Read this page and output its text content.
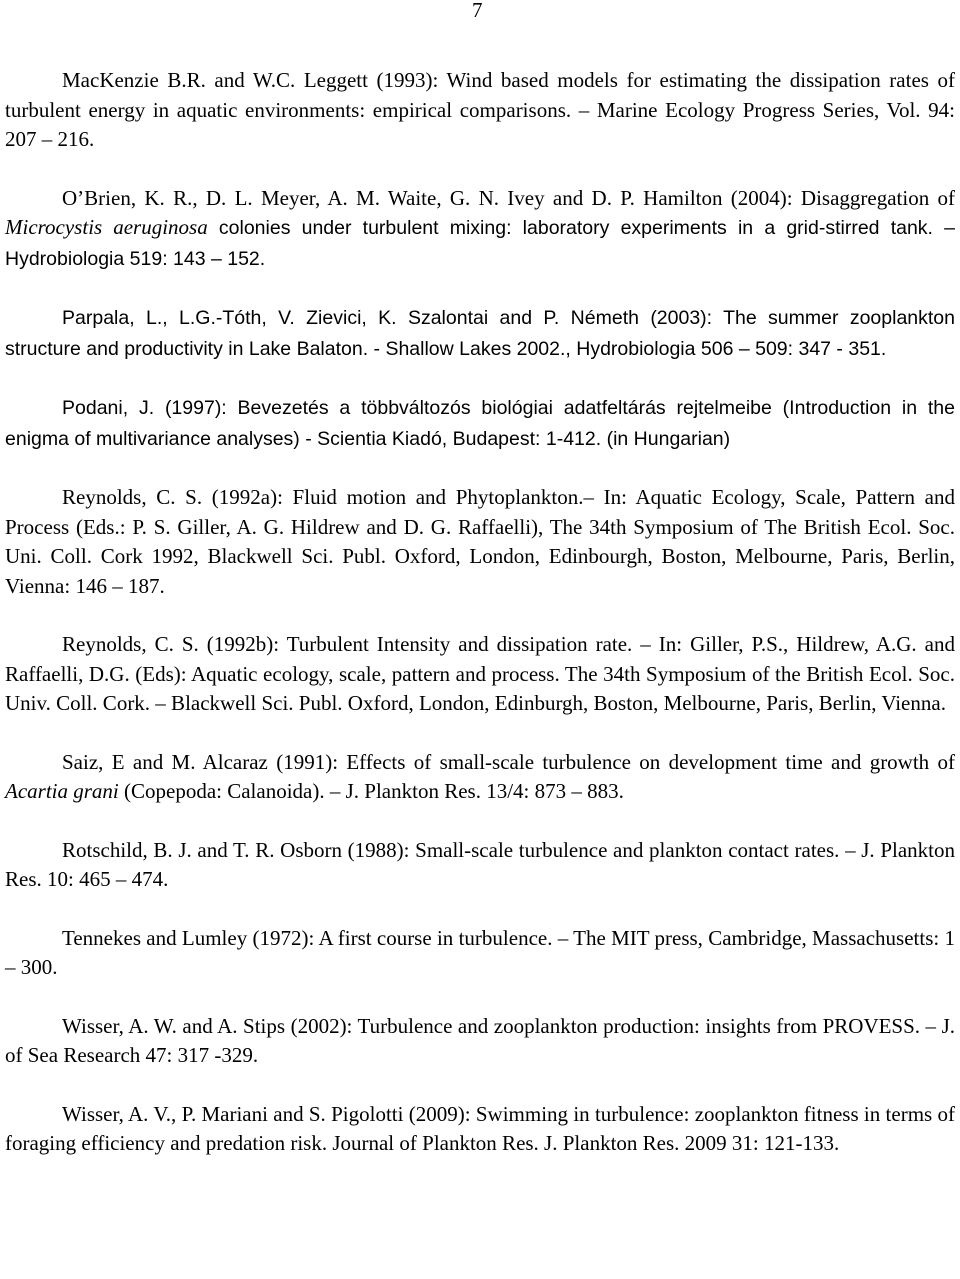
7

MacKenzie B.R. and W.C. Leggett (1993): Wind based models for estimating the dissipation rates of turbulent energy in aquatic environments: empirical comparisons. – Marine Ecology Progress Series, Vol. 94: 207 – 216.

O’Brien, K. R., D. L. Meyer, A. M. Waite, G. N. Ivey and D. P. Hamilton (2004): Disaggregation of Microcystis aeruginosa colonies under turbulent mixing: laboratory experiments in a grid-stirred tank. – Hydrobiologia 519: 143 – 152.

Parpala, L., L.G.-Tóth, V. Zievici, K. Szalontai and P. Németh (2003): The summer zooplankton structure and productivity in Lake Balaton. - Shallow Lakes 2002., Hydrobiologia 506 – 509: 347 - 351.

Podani, J. (1997): Bevezetés a többváltozós biológiai adatfeltárás rejtelmeibe (Introduction in the enigma of multivariance analyses) - Scientia Kiadó, Budapest: 1-412. (in Hungarian)

Reynolds, C. S. (1992a): Fluid motion and Phytoplankton.– In: Aquatic Ecology, Scale, Pattern and Process (Eds.: P. S. Giller, A. G. Hildrew and D. G. Raffaelli), The 34th Symposium of The British Ecol. Soc. Uni. Coll. Cork 1992, Blackwell Sci. Publ. Oxford, London, Edinbourgh, Boston, Melbourne, Paris, Berlin, Vienna: 146 – 187.

Reynolds, C. S. (1992b): Turbulent Intensity and dissipation rate. – In: Giller, P.S., Hildrew, A.G. and Raffaelli, D.G. (Eds): Aquatic ecology, scale, pattern and process. The 34th Symposium of the British Ecol. Soc. Univ. Coll. Cork. – Blackwell Sci. Publ. Oxford, London, Edinburgh, Boston, Melbourne, Paris, Berlin, Vienna.

Saiz, E and M. Alcaraz (1991): Effects of small-scale turbulence on development time and growth of Acartia grani (Copepoda: Calanoida). – J. Plankton Res. 13/4: 873 – 883.

Rotschild, B. J. and T. R. Osborn (1988): Small-scale turbulence and plankton contact rates. – J. Plankton Res. 10: 465 – 474.

Tennekes and Lumley (1972): A first course in turbulence. – The MIT press, Cambridge, Massachusetts: 1 – 300.

Wisser, A. W. and A. Stips (2002): Turbulence and zooplankton production: insights from PROVESS. – J. of Sea Research 47: 317 -329.

Wisser, A. V., P. Mariani and S. Pigolotti (2009): Swimming in turbulence: zooplankton fitness in terms of foraging efficiency and predation risk. Journal of Plankton Res. J. Plankton Res. 2009 31: 121-133.
